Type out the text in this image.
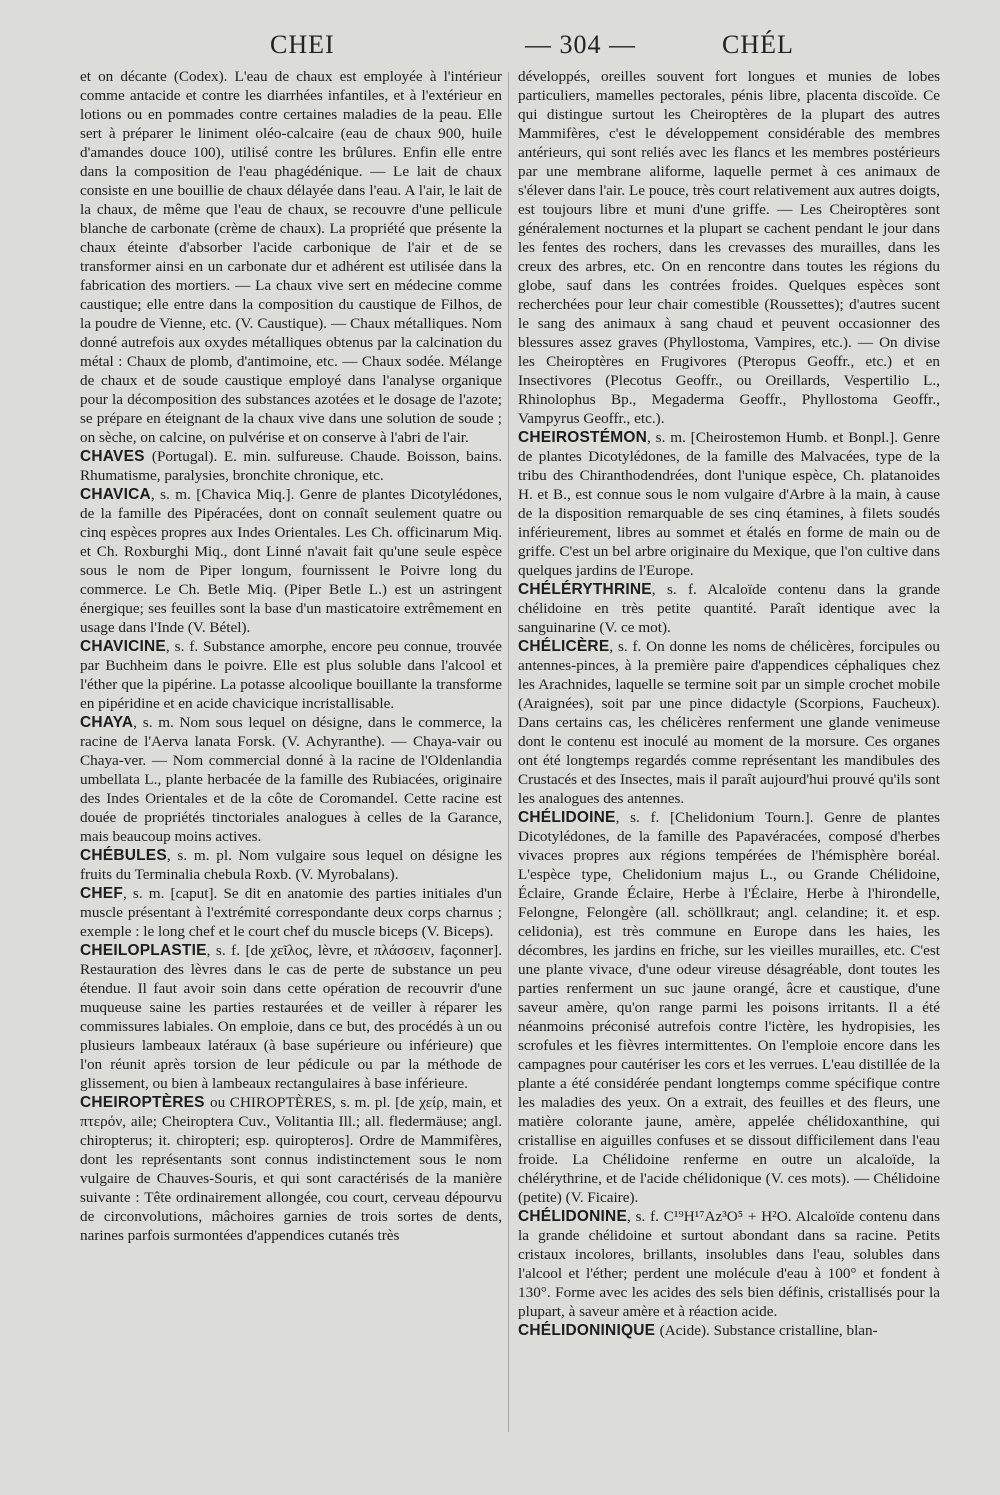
CHEI	— 304 —	CHÉL

et on décante (Codex). L'eau de chaux est employée à l'intérieur comme antacide et contre les diarrhées infantiles, et à l'extérieur en lotions ou en pommades contre certaines maladies de la peau. Elle sert à préparer le liniment oléo-calcaire (eau de chaux 900, huile d'amandes douce 100), utilisé contre les brûlures. Enfin elle entre dans la composition de l'eau phagédénique. — Le lait de chaux consiste en une bouillie de chaux délayée dans l'eau. A l'air, le lait de la chaux, de même que l'eau de chaux, se recouvre d'une pellicule blanche de carbonate (crème de chaux). La propriété que présente la chaux éteinte d'absorber l'acide carbonique de l'air et de se transformer ainsi en un carbonate dur et adhérent est utilisée dans la fabrication des mortiers. — La chaux vive sert en médecine comme caustique; elle entre dans la composition du caustique de Filhos, de la poudre de Vienne, etc. (V. Caustique). — Chaux métalliques. Nom donné autrefois aux oxydes métalliques obtenus par la calcination du métal : Chaux de plomb, d'antimoine, etc. — Chaux sodée. Mélange de chaux et de soude caustique employé dans l'analyse organique pour la décomposition des substances azotées et le dosage de l'azote; se prépare en éteignant de la chaux vive dans une solution de soude ; on sèche, on calcine, on pulvérise et on conserve à l'abri de l'air.

CHAVES (Portugal). E. min. sulfureuse. Chaude. Boisson, bains. Rhumatisme, paralysies, bronchite chronique, etc.

CHAVICA, s. m. [Chavica Miq.]. Genre de plantes Dicotylédones, de la famille des Pipéracées, dont on connaît seulement quatre ou cinq espèces propres aux Indes Orientales. Les Ch. officinarum Miq. et Ch. Roxburghi Miq., dont Linné n'avait fait qu'une seule espèce sous le nom de Piper longum, fournissent le Poivre long du commerce. Le Ch. Betle Miq. (Piper Betle L.) est un astringent énergique; ses feuilles sont la base d'un masticatoire extrêmement en usage dans l'Inde (V. Bétel).

CHAVICINE, s. f. Substance amorphe, encore peu connue, trouvée par Buchheim dans le poivre. Elle est plus soluble dans l'alcool et l'éther que la pipérine. La potasse alcoolique bouillante la transforme en pipéridine et en acide chavicique incristallisable.

CHAYA, s. m. Nom sous lequel on désigne, dans le commerce, la racine de l'Aerva lanata Forsk. (V. Achyranthe). — Chaya-vair ou Chaya-ver. — Nom commercial donné à la racine de l'Oldenlandia umbellata L., plante herbacée de la famille des Rubiacées, originaire des Indes Orientales et de la côte de Coromandel. Cette racine est douée de propriétés tinctoriales analogues à celles de la Garance, mais beaucoup moins actives.

CHÉBULES, s. m. pl. Nom vulgaire sous lequel on désigne les fruits du Terminalia chebula Roxb. (V. Myrobalans).

CHEF, s. m. [caput]. Se dit en anatomie des parties initiales d'un muscle présentant à l'extrémité correspondante deux corps charnus ; exemple : le long chef et le court chef du muscle biceps (V. Biceps).

CHEILOPLASTIE, s. f. [de χεῖλος, lèvre, et πλάσσειν, façonner]. Restauration des lèvres dans le cas de perte de substance un peu étendue. Il faut avoir soin dans cette opération de recouvrir d'une muqueuse saine les parties restaurées et de veiller à réparer les commissures labiales. On emploie, dans ce but, des procédés à un ou plusieurs lambeaux latéraux (à base supérieure ou inférieure) que l'on réunit après torsion de leur pédicule ou par la méthode de glissement, ou bien à lambeaux rectangulaires à base inférieure.

CHEIROPTÈRES ou CHIROPTÈRES, s. m. pl. [de χείρ, main, et πτερόν, aile; Cheiroptera Cuv., Volitantia Ill.; all. fledermäuse; angl. chiropterus; it. chiropteri; esp. quiropteros]. Ordre de Mammifères, dont les représentants sont connus indistinctement sous le nom vulgaire de Chauves-Souris, et qui sont caractérisés de la manière suivante : Tête ordinairement allongée, cou court, cerveau dépourvu de circonvolutions, mâchoires garnies de trois sortes de dents, narines parfois surmontées d'appendices cutanés très

développés, oreilles souvent fort longues et munies de lobes particuliers, mamelles pectorales, pénis libre, placenta discoïde. Ce qui distingue surtout les Cheiroptères de la plupart des autres Mammifères, c'est le développement considérable des membres antérieurs, qui sont reliés avec les flancs et les membres postérieurs par une membrane aliforme, laquelle permet à ces animaux de s'élever dans l'air. Le pouce, très court relativement aux autres doigts, est toujours libre et muni d'une griffe. — Les Cheiroptères sont généralement nocturnes et la plupart se cachent pendant le jour dans les fentes des rochers, dans les crevasses des murailles, dans les creux des arbres, etc. On en rencontre dans toutes les régions du globe, sauf dans les contrées froides. Quelques espèces sont recherchées pour leur chair comestible (Roussettes); d'autres sucent le sang des animaux à sang chaud et peuvent occasionner des blessures assez graves (Phyllostoma, Vampires, etc.). — On divise les Cheiroptères en Frugivores (Pteropus Geoffr., etc.) et en Insectivores (Plecotus Geoffr., ou Oreillards, Vespertilio L., Rhinolophus Bp., Megaderma Geoffr., Phyllostoma Geoffr., Vampyrus Geoffr., etc.).

CHEIROSTÉMON, s. m. [Cheirostemon Humb. et Bonpl.]. Genre de plantes Dicotylédones, de la famille des Malvacées, type de la tribu des Chiranthodendrées, dont l'unique espèce, Ch. platanoides H. et B., est connue sous le nom vulgaire d'Arbre à la main, à cause de la disposition remarquable de ses cinq étamines, à filets soudés inférieurement, libres au sommet et étalés en forme de main ou de griffe. C'est un bel arbre originaire du Mexique, que l'on cultive dans quelques jardins de l'Europe.

CHÉLÉRYTHRINE, s. f. Alcaloïde contenu dans la grande chélidoine en très petite quantité. Paraît identique avec la sanguinarine (V. ce mot).

CHÉLICÈRE, s. f. On donne les noms de chélicères, forcipules ou antennes-pinces, à la première paire d'appendices céphaliques chez les Arachnides, laquelle se termine soit par un simple crochet mobile (Araignées), soit par une pince didactyle (Scorpions, Faucheux). Dans certains cas, les chélicères renferment une glande venimeuse dont le contenu est inoculé au moment de la morsure. Ces organes ont été longtemps regardés comme représentant les mandibules des Crustacés et des Insectes, mais il paraît aujourd'hui prouvé qu'ils sont les analogues des antennes.

CHÉLIDOINE, s. f. [Chelidonium Tourn.]. Genre de plantes Dicotylédones, de la famille des Papavéracées, composé d'herbes vivaces propres aux régions tempérées de l'hémisphère boréal. L'espèce type, Chelidonium majus L., ou Grande Chélidoine, Éclaire, Grande Éclaire, Herbe à l'Éclaire, Herbe à l'hirondelle, Felongne, Felongère (all. schöllkraut; angl. celandine; it. et esp. celidonia), est très commune en Europe dans les haies, les décombres, les jardins en friche, sur les vieilles murailles, etc. C'est une plante vivace, d'une odeur vireuse désagréable, dont toutes les parties renferment un suc jaune orangé, âcre et caustique, d'une saveur amère, qu'on range parmi les poisons irritants. Il a été néanmoins préconisé autrefois contre l'ictère, les hydropisies, les scrofules et les fièvres intermittentes. On l'emploie encore dans les campagnes pour cautériser les cors et les verrues. L'eau distillée de la plante a été considérée pendant longtemps comme spécifique contre les maladies des yeux. On a extrait, des feuilles et des fleurs, une matière colorante jaune, amère, appelée chélidoxanthine, qui cristallise en aiguilles confuses et se dissout difficilement dans l'eau froide. La Chélidoine renferme en outre un alcaloïde, la chélérythrine, et de l'acide chélidonique (V. ces mots). — Chélidoine (petite) (V. Ficaire).

CHÉLIDONINE, s. f. C¹⁹H¹⁷Az³O⁵ + H²O. Alcaloïde contenu dans la grande chélidoine et surtout abondant dans sa racine. Petits cristaux incolores, brillants, insolubles dans l'eau, solubles dans l'alcool et l'éther; perdent une molécule d'eau à 100° et fondent à 130°. Forme avec les acides des sels bien définis, cristallisés pour la plupart, à saveur amère et à réaction acide.

CHÉLIDONINIQUE (Acide). Substance cristalline, blan-
